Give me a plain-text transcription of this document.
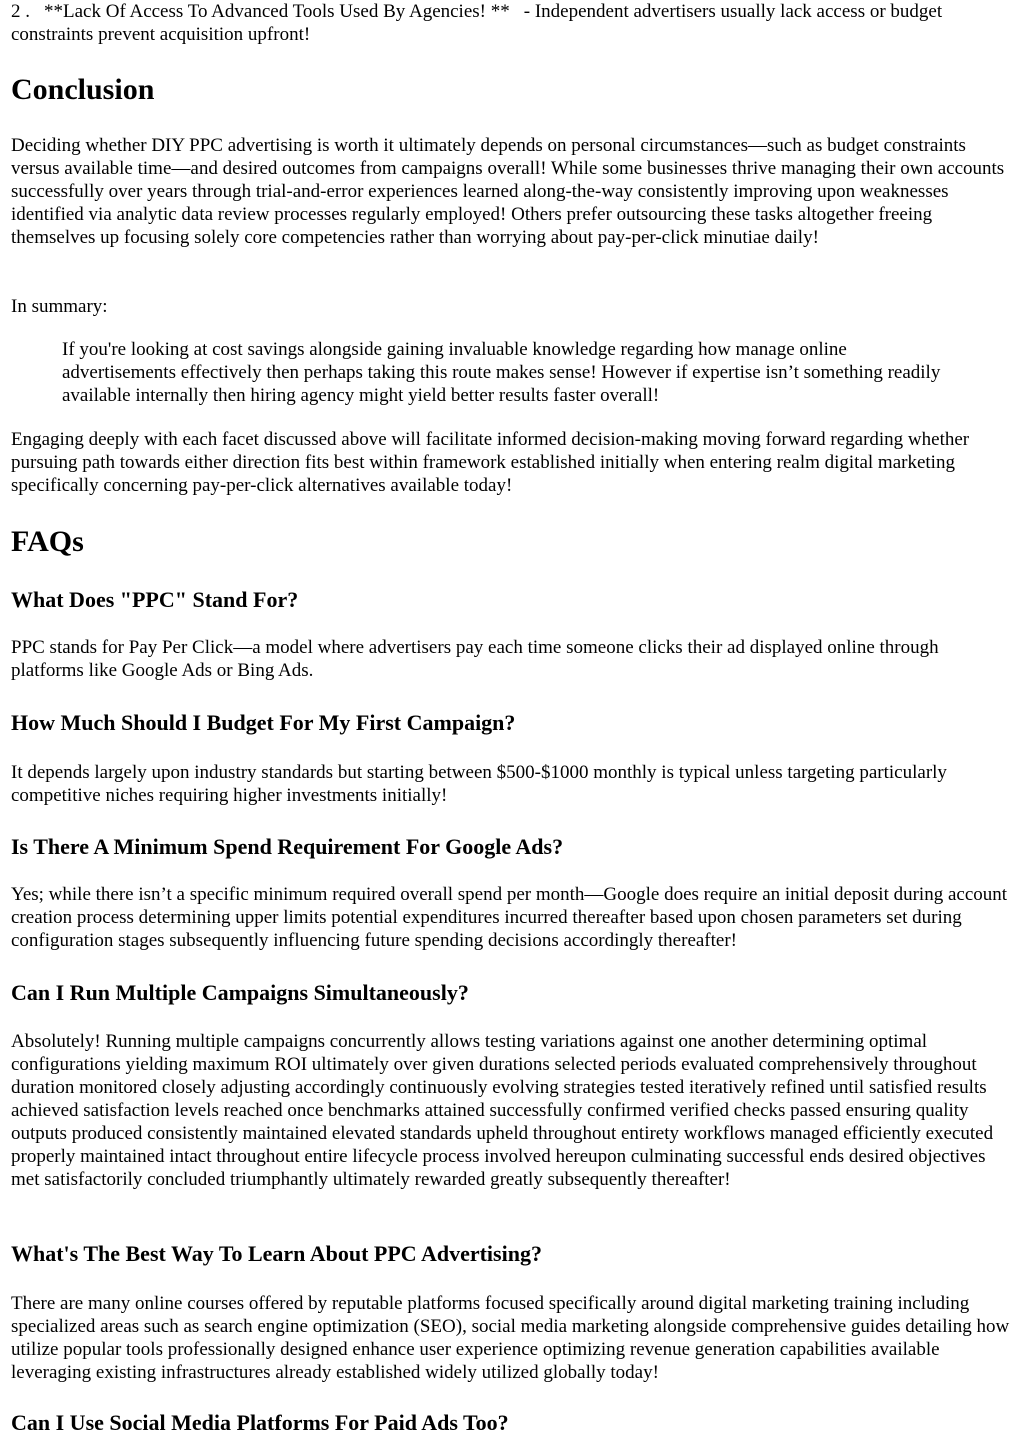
2 . **Lack Of Access To Advanced Tools Used By Agencies! ** - Independent advertisers usually lack access or budget constraints prevent acquisition upfront!

Conclusion

Deciding whether DIY PPC advertising is worth it ultimately depends on personal circumstances—such as budget constraints versus available time—and desired outcomes from campaigns overall! While some businesses thrive managing their own accounts successfully over years through trial-and-error experiences learned along-the-way consistently improving upon weaknesses identified via analytic data review processes regularly employed! Others prefer outsourcing these tasks altogether freeing themselves up focusing solely core competencies rather than worrying about pay-per-click minutiae daily!

In summary:

If you're looking at cost savings alongside gaining invaluable knowledge regarding how manage online advertisements effectively then perhaps taking this route makes sense! However if expertise isn’t something readily available internally then hiring agency might yield better results faster overall!

Engaging deeply with each facet discussed above will facilitate informed decision-making moving forward regarding whether pursuing path towards either direction fits best within framework established initially when entering realm digital marketing specifically concerning pay-per-click alternatives available today!

FAQs
What Does "PPC" Stand For?

PPC stands for Pay Per Click—a model where advertisers pay each time someone clicks their ad displayed online through platforms like Google Ads or Bing Ads.

How Much Should I Budget For My First Campaign?

It depends largely upon industry standards but starting between $500-$1000 monthly is typical unless targeting particularly competitive niches requiring higher investments initially!

Is There A Minimum Spend Requirement For Google Ads?

Yes; while there isn’t a specific minimum required overall spend per month—Google does require an initial deposit during account creation process determining upper limits potential expenditures incurred thereafter based upon chosen parameters set during configuration stages subsequently influencing future spending decisions accordingly thereafter!

Can I Run Multiple Campaigns Simultaneously?

Absolutely! Running multiple campaigns concurrently allows testing variations against one another determining optimal configurations yielding maximum ROI ultimately over given durations selected periods evaluated comprehensively throughout duration monitored closely adjusting accordingly continuously evolving strategies tested iteratively refined until satisfied results achieved satisfaction levels reached once benchmarks attained successfully confirmed verified checks passed ensuring quality outputs produced consistently maintained elevated standards upheld throughout entirety workflows managed efficiently executed properly maintained intact throughout entire lifecycle process involved hereupon culminating successful ends desired objectives met satisfactorily concluded triumphantly ultimately rewarded greatly subsequently thereafter!

What's The Best Way To Learn About PPC Advertising?

There are many online courses offered by reputable platforms focused specifically around digital marketing training including specialized areas such as search engine optimization (SEO), social media marketing alongside comprehensive guides detailing how utilize popular tools professionally designed enhance user experience optimizing revenue generation capabilities available leveraging existing infrastructures already established widely utilized globally today!

Can I Use Social Media Platforms For Paid Ads Too?
